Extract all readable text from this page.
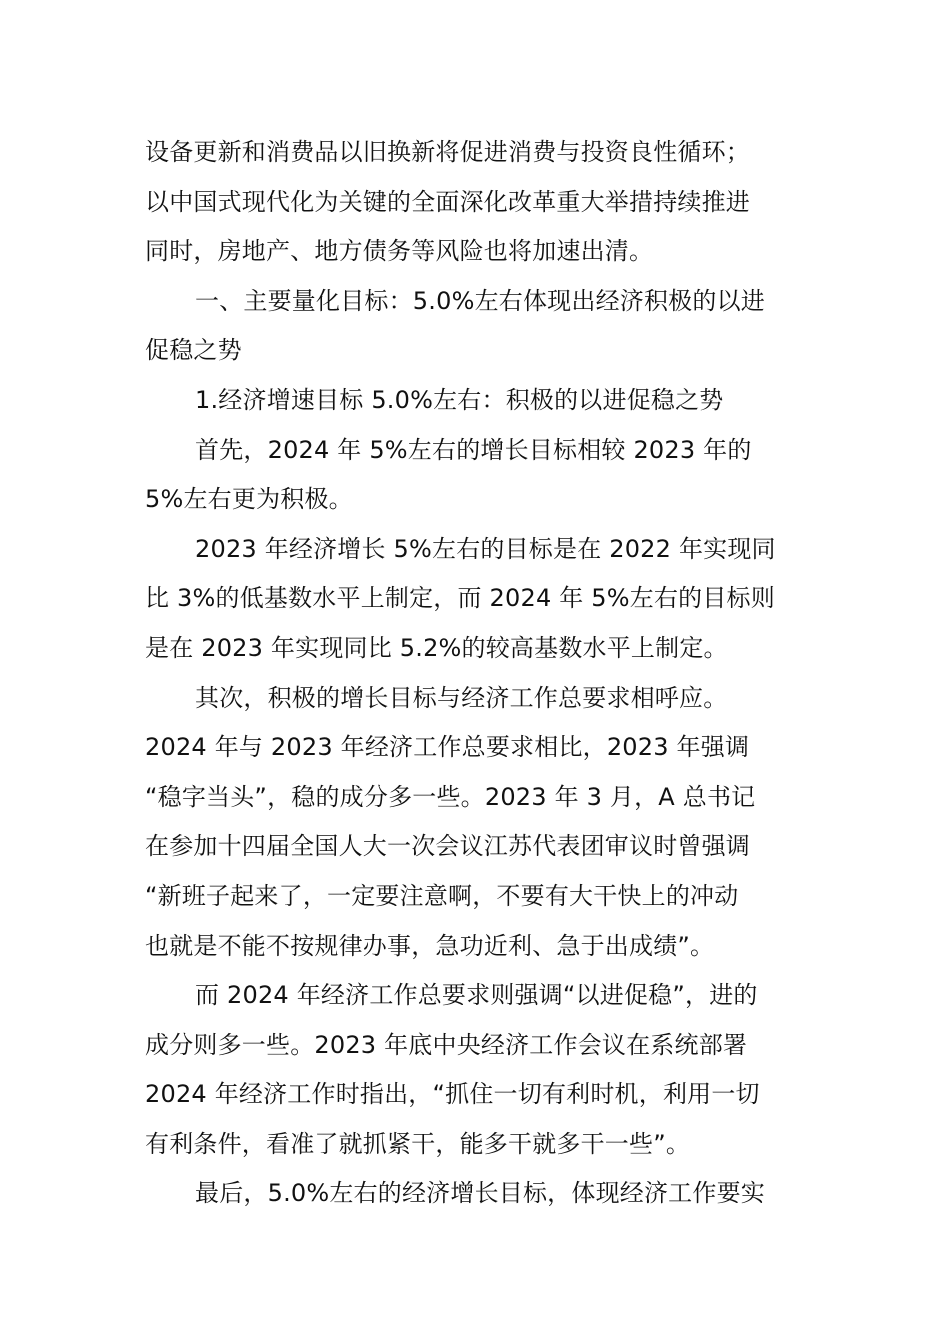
设备更新和消费品以旧换新将促进消费与投资良性循环；
以中国式现代化为关键的全面深化改革重大举措持续推进
同时，房地产、地方债务等风险也将加速出清。
一、主要量化目标：5.0%左右体现出经济积极的以进
促稳之势
1.经济增速目标 5.0%左右：积极的以进促稳之势
首先，2024 年 5%左右的增长目标相较 2023 年的
5%左右更为积极。
2023 年经济增长 5%左右的目标是在 2022 年实现同
比 3%的低基数水平上制定，而 2024 年 5%左右的目标则
是在 2023 年实现同比 5.2%的较高基数水平上制定。
其次，积极的增长目标与经济工作总要求相呼应。
2024 年与 2023 年经济工作总要求相比，2023 年强调
“稳字当头”，稳的成分多一些。2023 年 3 月，A 总书记
在参加十四届全国人大一次会议江苏代表团审议时曾强调
“新班子起来了，一定要注意啊，不要有大干快上的冲动
也就是不能不按规律办事，急功近利、急于出成绩”。
而 2024 年经济工作总要求则强调“以进促稳”，进的
成分则多一些。2023 年底中央经济工作会议在系统部署
2024 年经济工作时指出，“抓住一切有利时机，利用一切
有利条件，看准了就抓紧干，能多干就多干一些”。
最后，5.0%左右的经济增长目标，体现经济工作要实
